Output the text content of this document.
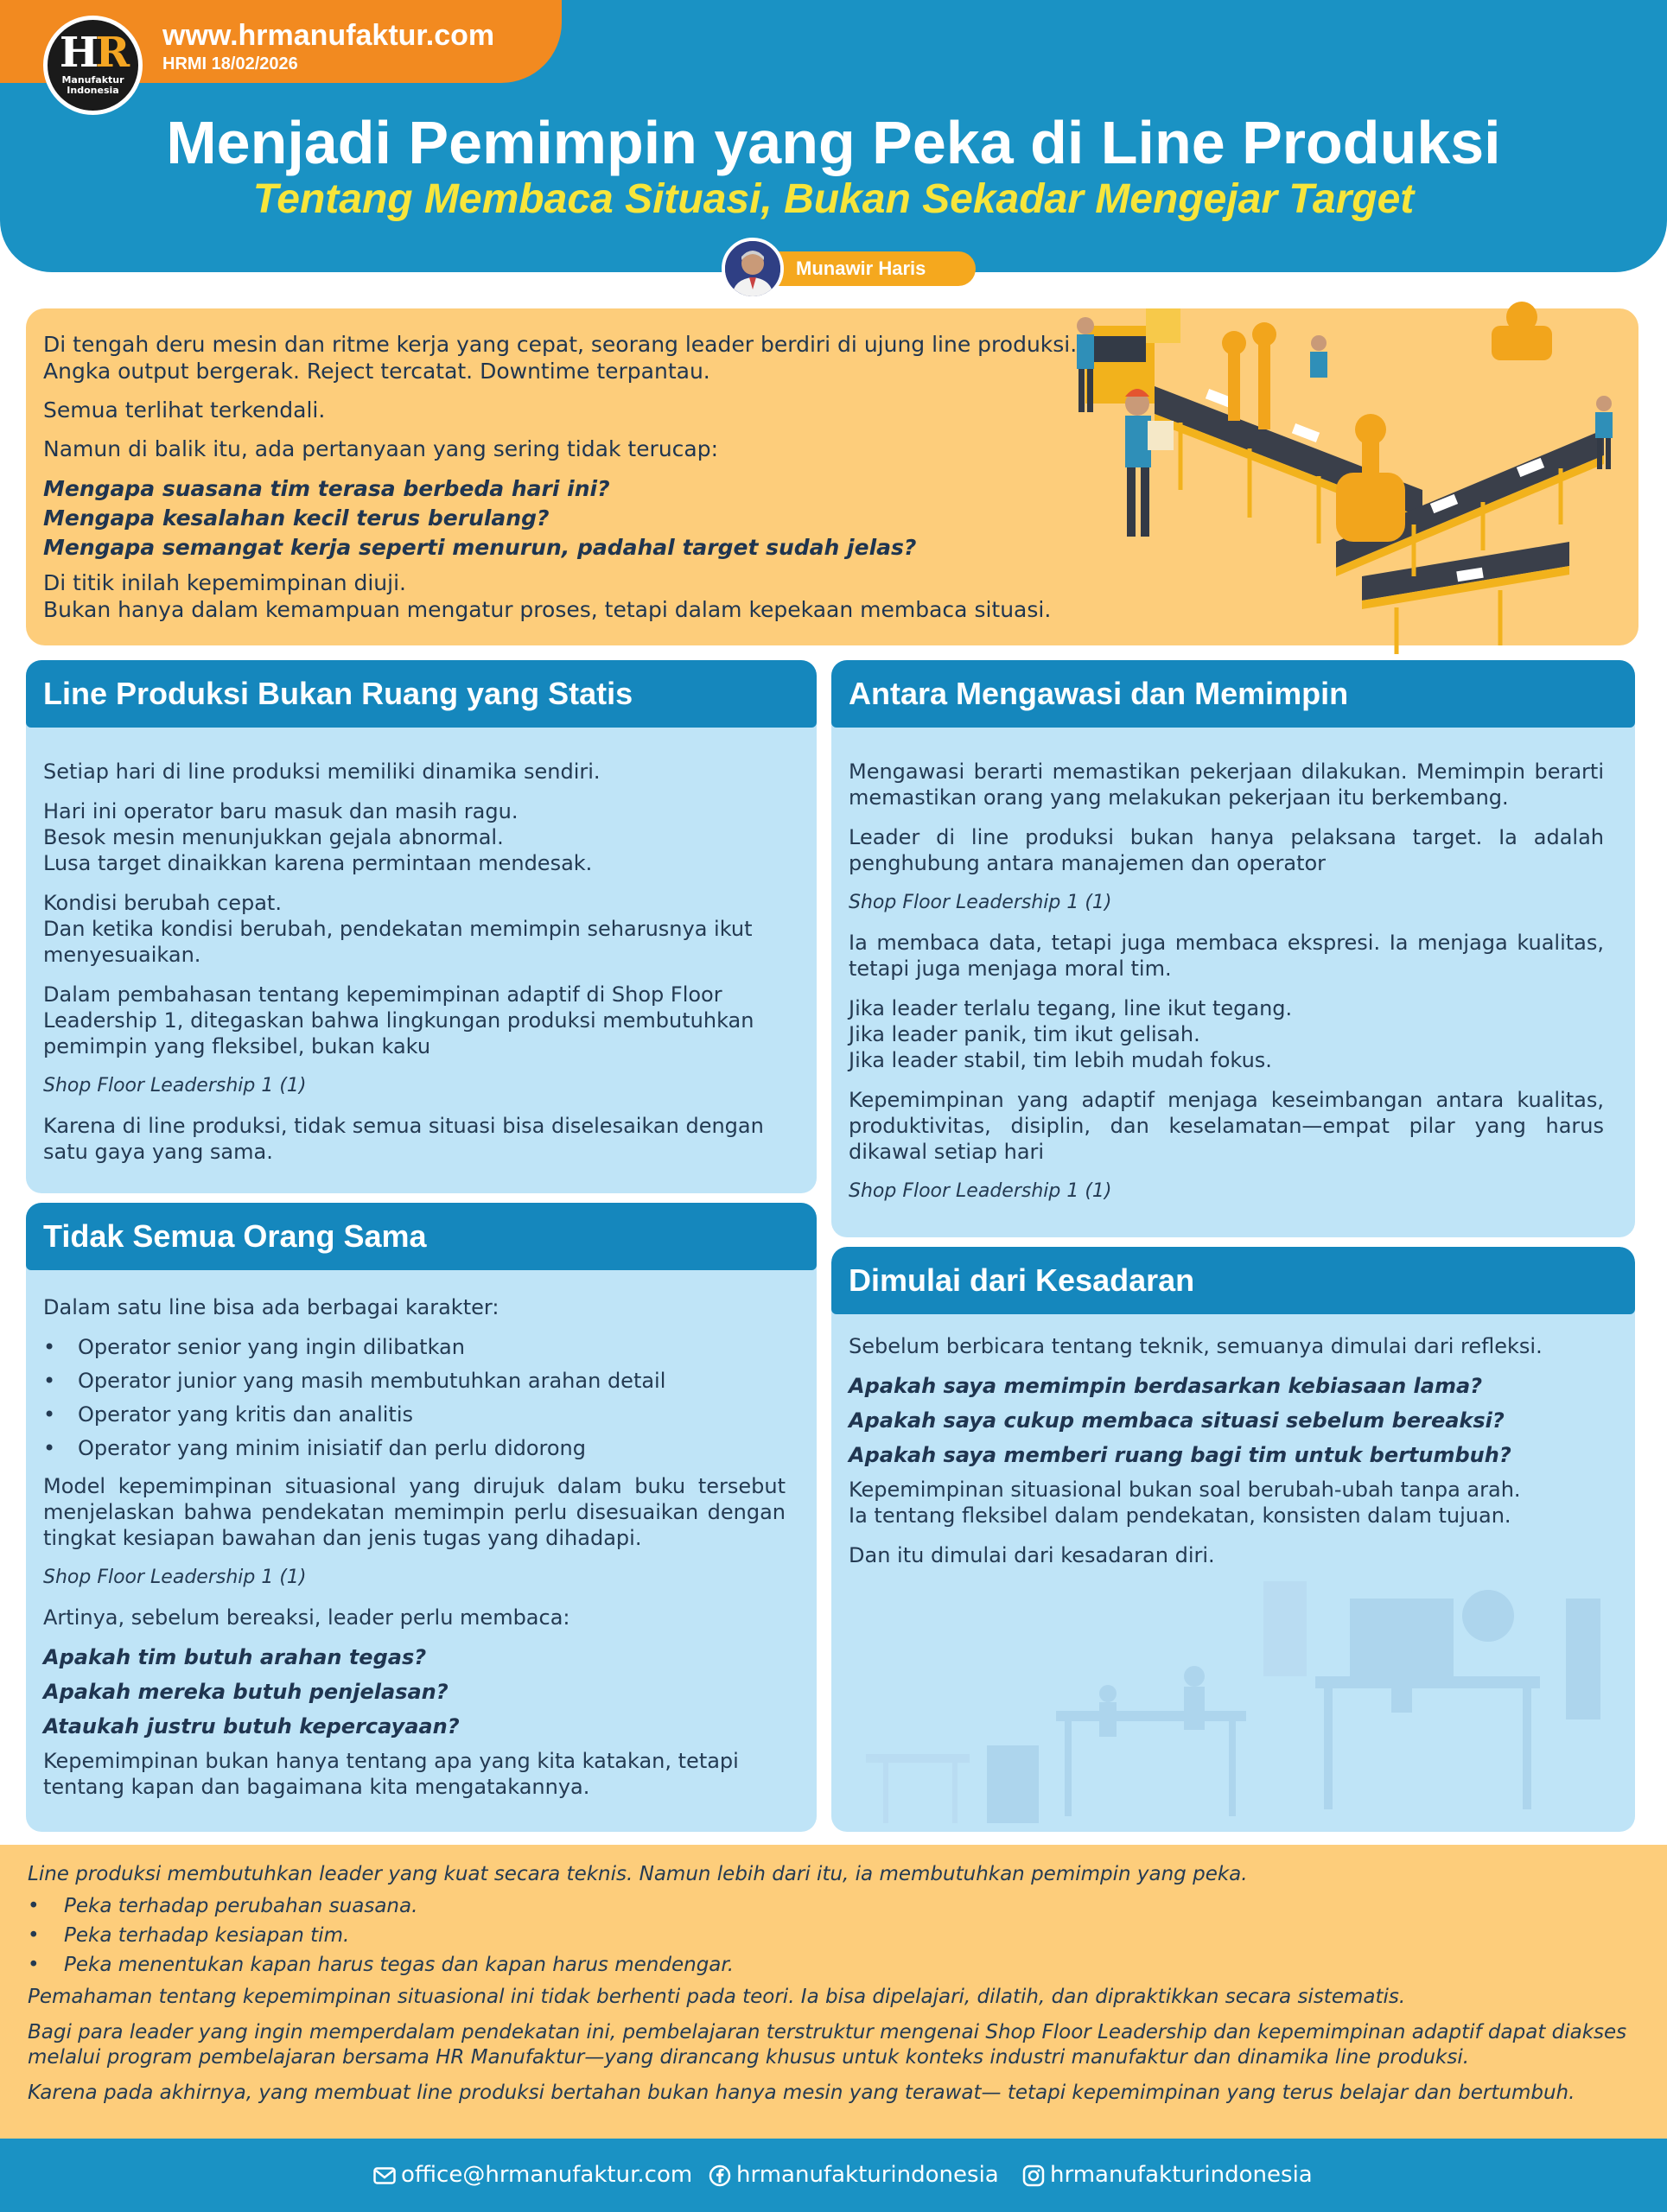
HR
Manufaktur
Indonesia
www.hrmanufaktur.com
HRMI 18/02/2026
Menjadi Pemimpin yang Peka di Line Produksi
Tentang Membaca Situasi, Bukan Sekadar Mengejar Target
Munawir Haris

Di tengah deru mesin dan ritme kerja yang cepat, seorang leader berdiri di ujung line produksi.
Angka output bergerak. Reject tercatat. Downtime terpantau.

Semua terlihat terkendali.

Namun di balik itu, ada pertanyaan yang sering tidak terucap:

Mengapa suasana tim terasa berbeda hari ini?
Mengapa kesalahan kecil terus berulang?
Mengapa semangat kerja seperti menurun, padahal target sudah jelas?

Di titik inilah kepemimpinan diuji.
Bukan hanya dalam kemampuan mengatur proses, tetapi dalam kepekaan membaca situasi.

Line Produksi Bukan Ruang yang Statis

Setiap hari di line produksi memiliki dinamika sendiri.

Hari ini operator baru masuk dan masih ragu.
Besok mesin menunjukkan gejala abnormal.
Lusa target dinaikkan karena permintaan mendesak.

Kondisi berubah cepat.
Dan ketika kondisi berubah, pendekatan memimpin seharusnya ikut menyesuaikan.

Dalam pembahasan tentang kepemimpinan adaptif di Shop Floor Leadership 1, ditegaskan bahwa lingkungan produksi membutuhkan pemimpin yang fleksibel, bukan kaku

Shop Floor Leadership 1 (1)

Karena di line produksi, tidak semua situasi bisa diselesaikan dengan satu gaya yang sama.

Antara Mengawasi dan Memimpin

Mengawasi berarti memastikan pekerjaan dilakukan. Memimpin berarti memastikan orang yang melakukan pekerjaan itu berkembang.

Leader di line produksi bukan hanya pelaksana target. Ia adalah penghubung antara manajemen dan operator

Shop Floor Leadership 1 (1)

Ia membaca data, tetapi juga membaca ekspresi. Ia menjaga kualitas, tetapi juga menjaga moral tim.

Jika leader terlalu tegang, line ikut tegang.
Jika leader panik, tim ikut gelisah.
Jika leader stabil, tim lebih mudah fokus.

Kepemimpinan yang adaptif menjaga keseimbangan antara kualitas, produktivitas, disiplin, dan keselamatan—empat pilar yang harus dikawal setiap hari

Shop Floor Leadership 1 (1)

Tidak Semua Orang Sama

Dalam satu line bisa ada berbagai karakter:

• Operator senior yang ingin dilibatkan
• Operator junior yang masih membutuhkan arahan detail
• Operator yang kritis dan analitis
• Operator yang minim inisiatif dan perlu didorong

Model kepemimpinan situasional yang dirujuk dalam buku tersebut menjelaskan bahwa pendekatan memimpin perlu disesuaikan dengan tingkat kesiapan bawahan dan jenis tugas yang dihadapi.

Shop Floor Leadership 1 (1)

Artinya, sebelum bereaksi, leader perlu membaca:

Apakah tim butuh arahan tegas?

Apakah mereka butuh penjelasan?

Ataukah justru butuh kepercayaan?

Kepemimpinan bukan hanya tentang apa yang kita katakan, tetapi tentang kapan dan bagaimana kita mengatakannya.

Dimulai dari Kesadaran

Sebelum berbicara tentang teknik, semuanya dimulai dari refleksi.

Apakah saya memimpin berdasarkan kebiasaan lama?

Apakah saya cukup membaca situasi sebelum bereaksi?

Apakah saya memberi ruang bagi tim untuk bertumbuh?

Kepemimpinan situasional bukan soal berubah-ubah tanpa arah.
Ia tentang fleksibel dalam pendekatan, konsisten dalam tujuan.

Dan itu dimulai dari kesadaran diri.

Line produksi membutuhkan leader yang kuat secara teknis. Namun lebih dari itu, ia membutuhkan pemimpin yang peka.

• Peka terhadap perubahan suasana.
• Peka terhadap kesiapan tim.
• Peka menentukan kapan harus tegas dan kapan harus mendengar.

Pemahaman tentang kepemimpinan situasional ini tidak berhenti pada teori. Ia bisa dipelajari, dilatih, dan dipraktikkan secara sistematis.

Bagi para leader yang ingin memperdalam pendekatan ini, pembelajaran terstruktur mengenai Shop Floor Leadership dan kepemimpinan adaptif dapat diakses melalui program pembelajaran bersama HR Manufaktur—yang dirancang khusus untuk konteks industri manufaktur dan dinamika line produksi.

Karena pada akhirnya, yang membuat line produksi bertahan bukan hanya mesin yang terawat— tetapi kepemimpinan yang terus belajar dan bertumbuh.

office@hrmanufaktur.com	hrmanufakturindonesia	hrmanufakturindonesia
